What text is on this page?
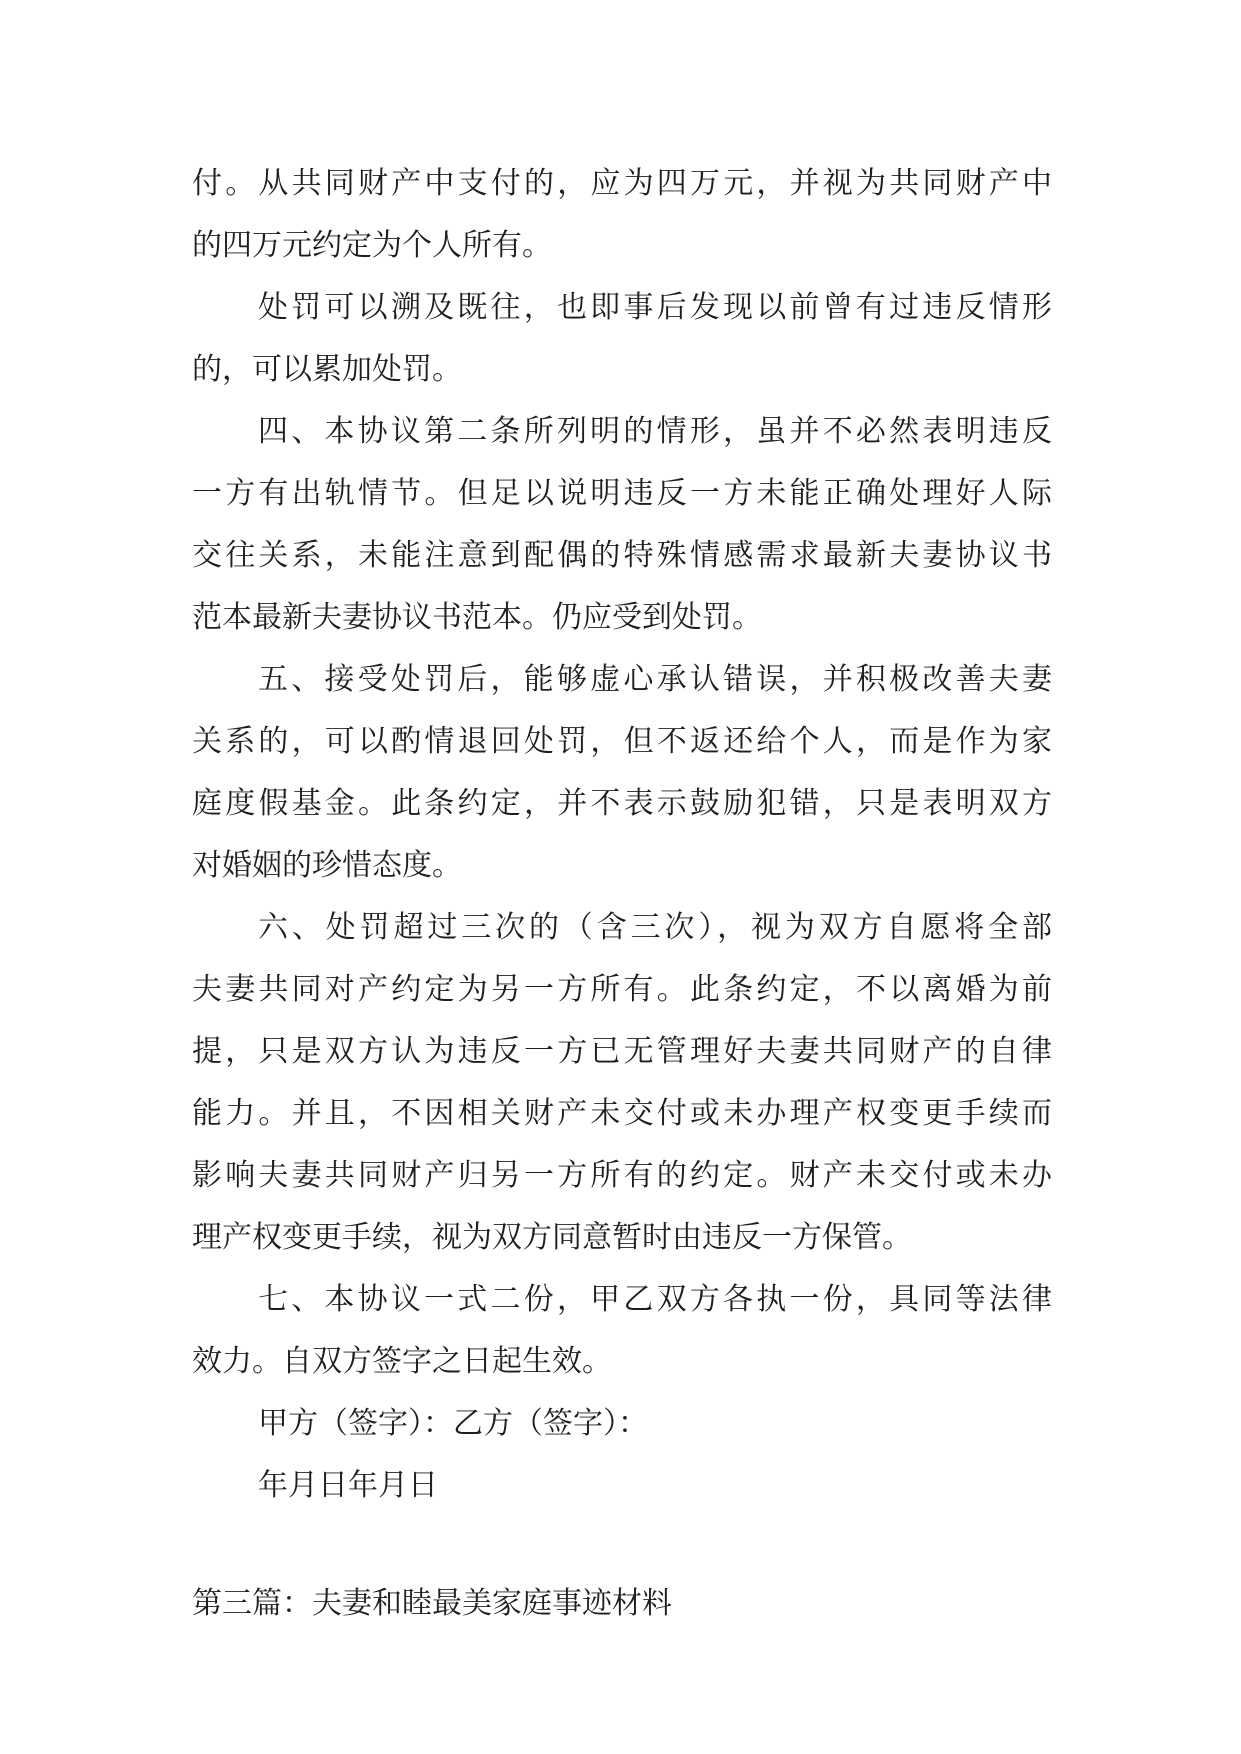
付。从共同财产中支付的，应为四万元，并视为共同财产中

的四万元约定为个人所有。

处罚可以溯及既往，也即事后发现以前曾有过违反情形

的，可以累加处罚。

四、本协议第二条所列明的情形，虽并不必然表明违反

一方有出轨情节。但足以说明违反一方未能正确处理好人际

交往关系，未能注意到配偶的特殊情感需求最新夫妻协议书

范本最新夫妻协议书范本。仍应受到处罚。

五、接受处罚后，能够虚心承认错误，并积极改善夫妻

关系的，可以酌情退回处罚，但不返还给个人，而是作为家

庭度假基金。此条约定，并不表示鼓励犯错，只是表明双方

对婚姻的珍惜态度。

六、处罚超过三次的（含三次），视为双方自愿将全部

夫妻共同对产约定为另一方所有。此条约定，不以离婚为前

提，只是双方认为违反一方已无管理好夫妻共同财产的自律

能力。并且，不因相关财产未交付或未办理产权变更手续而

影响夫妻共同财产归另一方所有的约定。财产未交付或未办

理产权变更手续，视为双方同意暂时由违反一方保管。

七、本协议一式二份，甲乙双方各执一份，具同等法律

效力。自双方签字之日起生效。

甲方（签字）：乙方（签字）：
年月日年月日
第三篇：夫妻和睦最美家庭事迹材料
